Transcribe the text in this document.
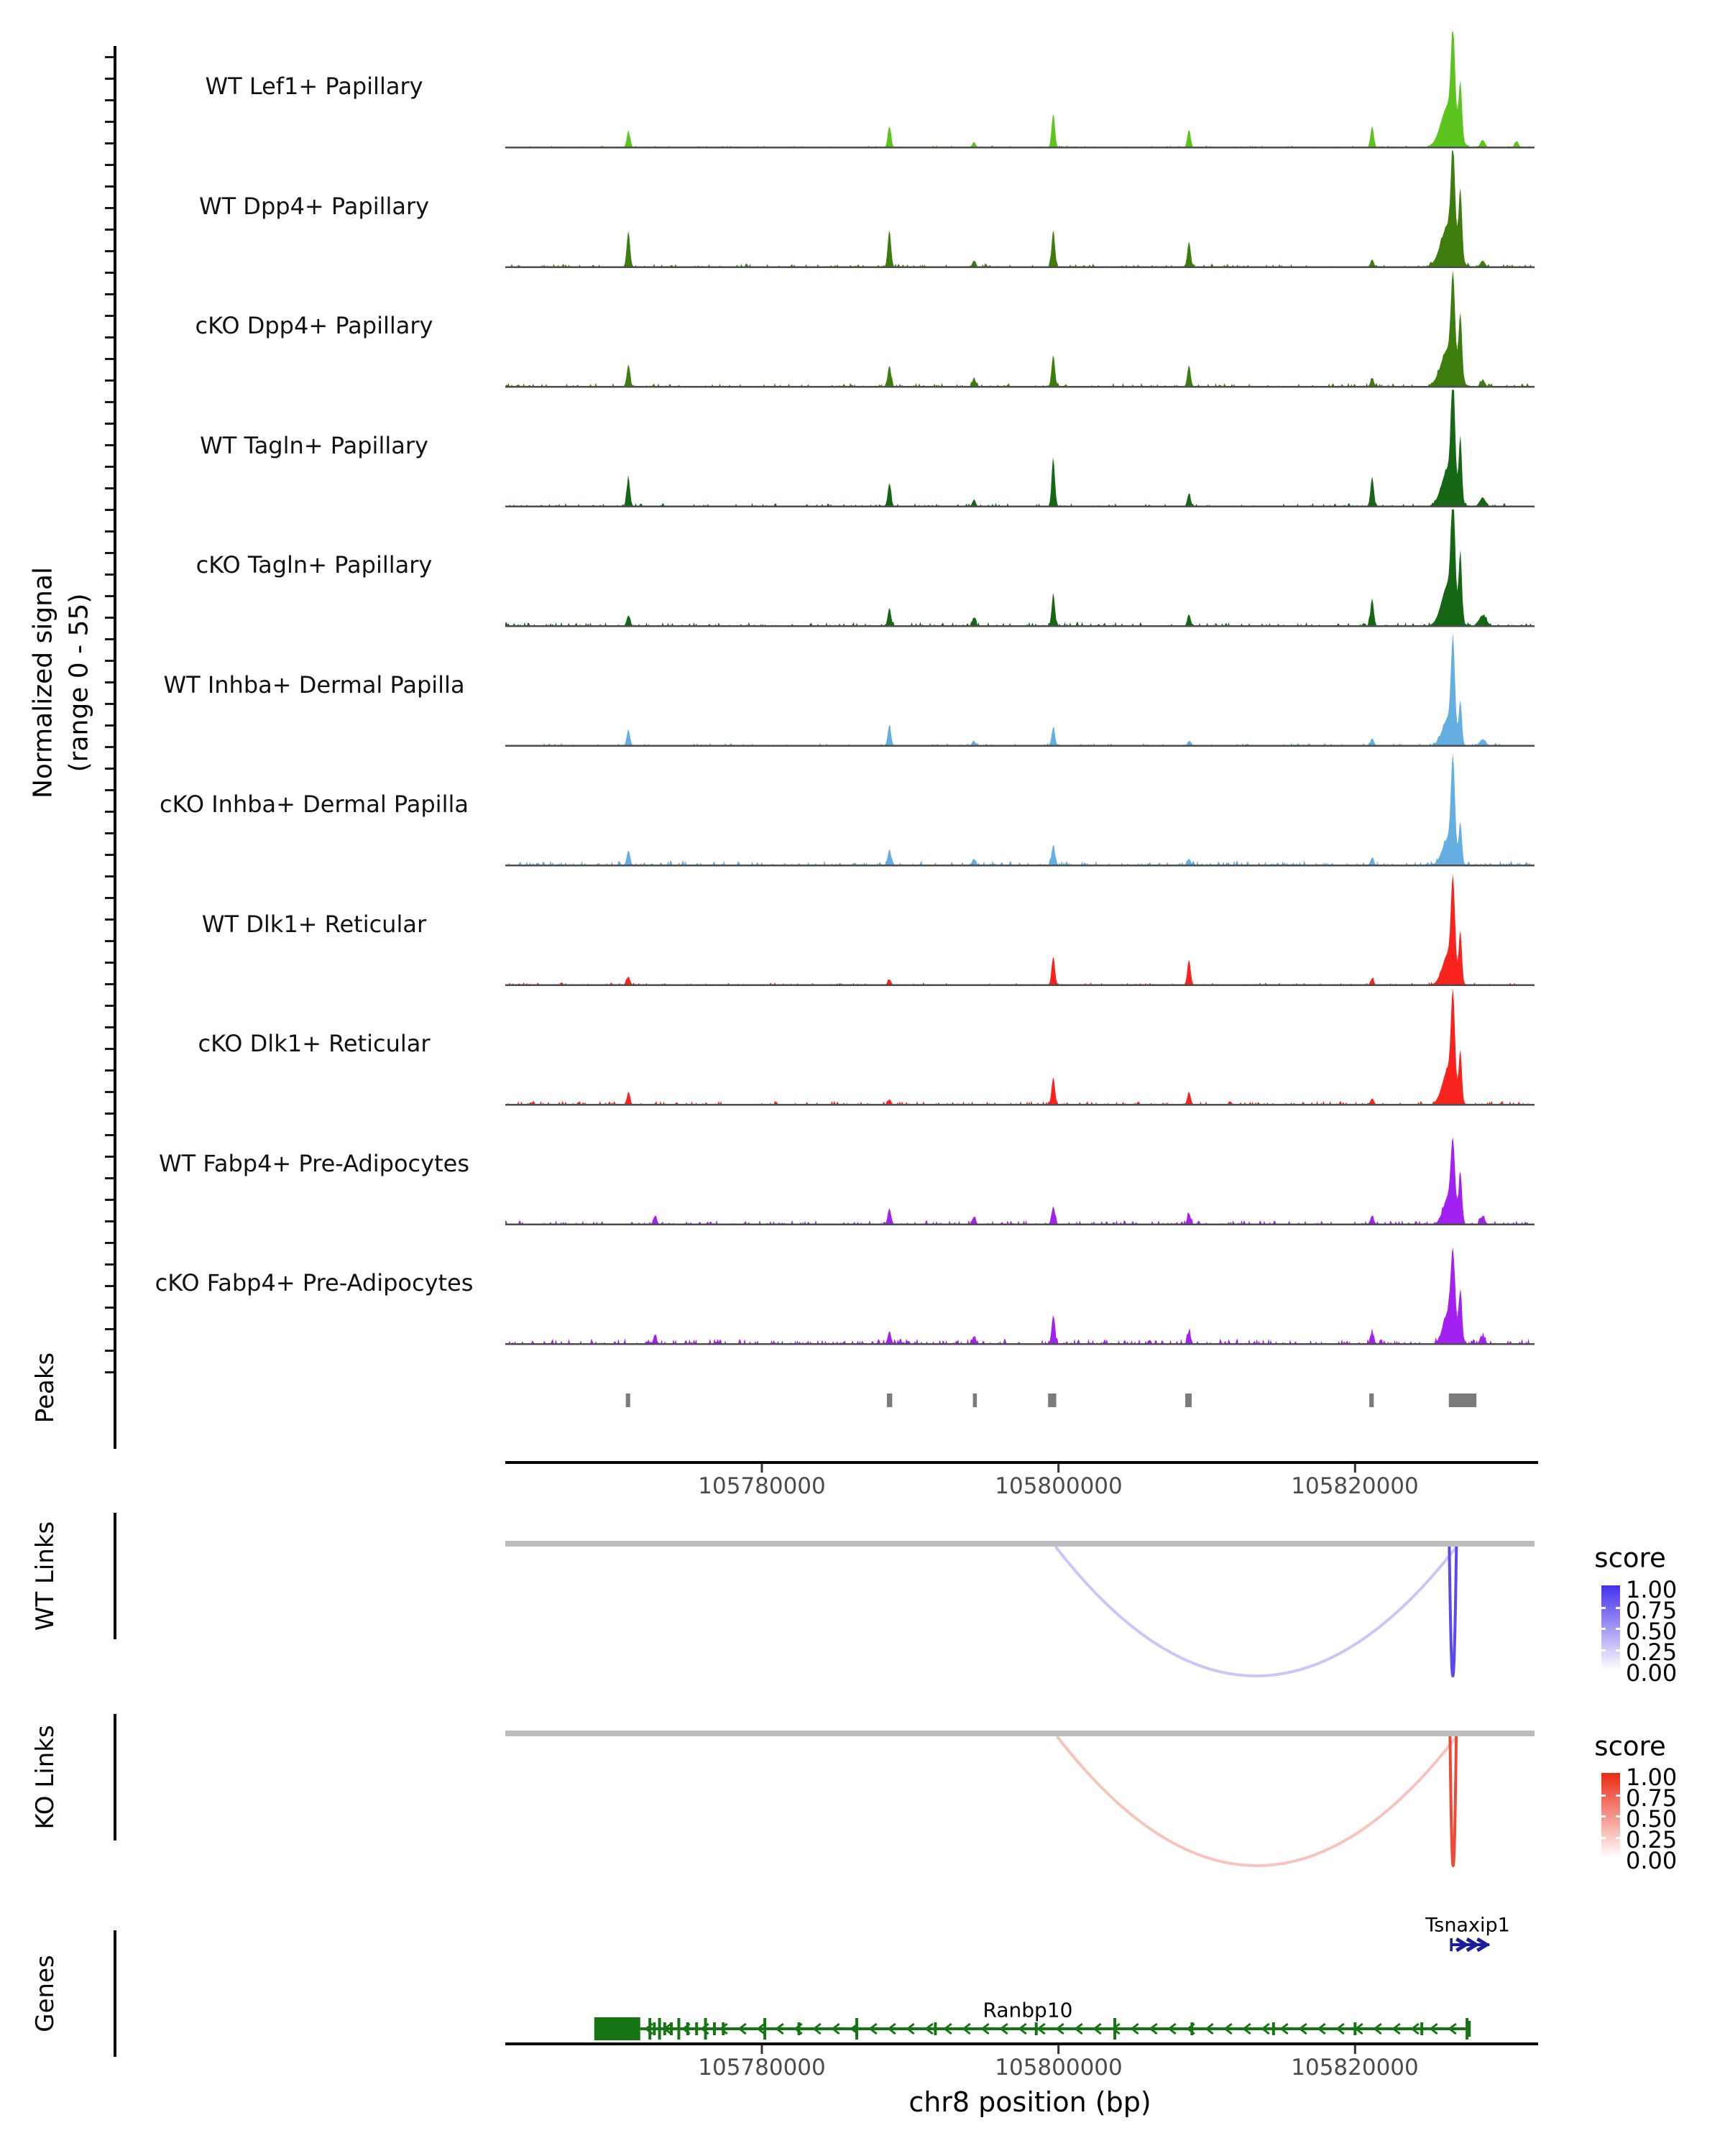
Normalized signal (range 0 - 55)
Peaks
WT Links
KO Links
Genes
score
score
Tsnaxip1
Ranbp10
chr8 position (bp)
WT Lef1+ Papillary
WT Dpp4+ Papillary
cKO Dpp4+ Papillary
WT Tagln+ Papillary
cKO Tagln+ Papillary
WT Inhba+ Dermal Papilla
cKO Inhba+ Dermal Papilla
WT Dlk1+ Reticular
cKO Dlk1+ Reticular
WT Fabp4+ Pre-Adipocytes
cKO Fabp4+ Pre-Adipocytes
105780000	105800000	105820000
105780000	105800000	105820000
1.00
0.75
0.50
0.25
0.00
1.00
0.75
0.50
0.25
0.00
